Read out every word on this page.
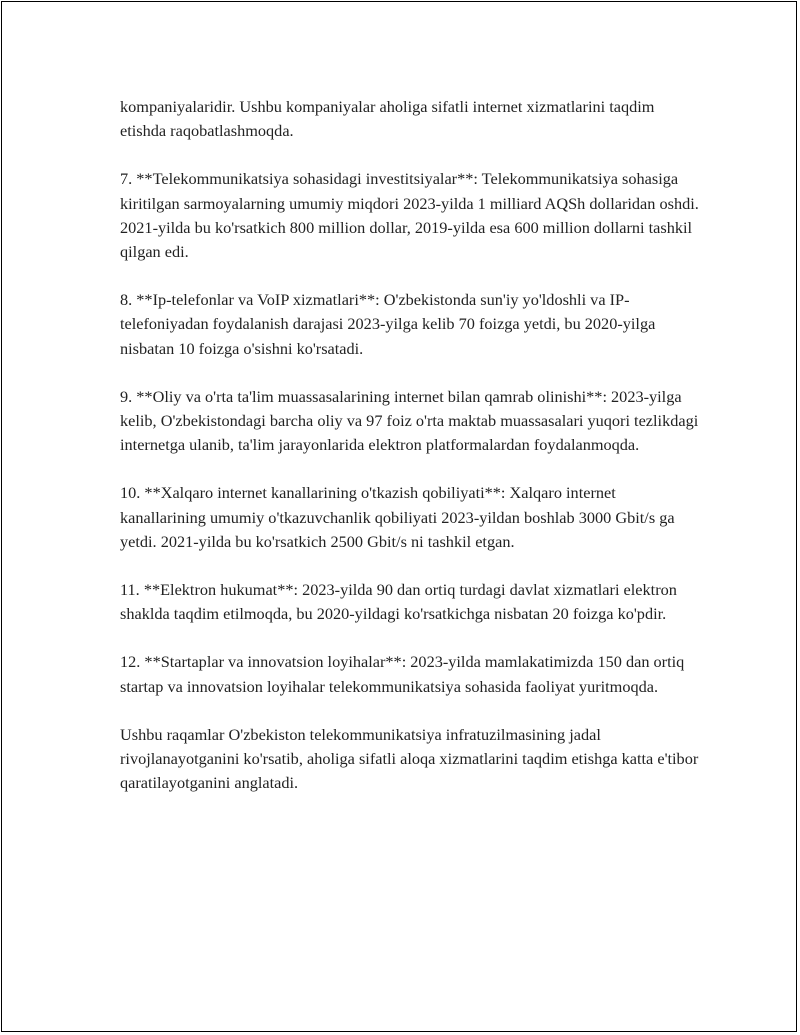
kompaniyalaridir. Ushbu kompaniyalar aholiga sifatli internet xizmatlarini taqdim etishda raqobatlashmoqda.

7. **Telekommunikatsiya sohasidagi investitsiyalar**: Telekommunikatsiya sohasiga kiritilgan sarmoyalarning umumiy miqdori 2023-yilda 1 milliard AQSh dollaridan oshdi. 2021-yilda bu ko'rsatkich 800 million dollar, 2019-yilda esa 600 million dollarni tashkil qilgan edi.

8. **Ip-telefonlar va VoIP xizmatlari**: O'zbekistonda sun'iy yo'ldoshli va IP-telefoniyadan foydalanish darajasi 2023-yilga kelib 70 foizga yetdi, bu 2020-yilga nisbatan 10 foizga o'sishni ko'rsatadi.

9. **Oliy va o'rta ta'lim muassasalarining internet bilan qamrab olinishi**: 2023-yilga kelib, O'zbekistondagi barcha oliy va 97 foiz o'rta maktab muassasalari yuqori tezlikdagi internetga ulanib, ta'lim jarayonlarida elektron platformalardan foydalanmoqda.

10. **Xalqaro internet kanallarining o'tkazish qobiliyati**: Xalqaro internet kanallarining umumiy o'tkazuvchanlik qobiliyati 2023-yildan boshlab 3000 Gbit/s ga yetdi. 2021-yilda bu ko'rsatkich 2500 Gbit/s ni tashkil etgan.

11. **Elektron hukumat**: 2023-yilda 90 dan ortiq turdagi davlat xizmatlari elektron shaklda taqdim etilmoqda, bu 2020-yildagi ko'rsatkichga nisbatan 20 foizga ko'pdir.

12. **Startaplar va innovatsion loyihalar**: 2023-yilda mamlakatimizda 150 dan ortiq startap va innovatsion loyihalar telekommunikatsiya sohasida faoliyat yuritmoqda.

Ushbu raqamlar O'zbekiston telekommunikatsiya infratuzilmasining jadal rivojlanayotganini ko'rsatib, aholiga sifatli aloqa xizmatlarini taqdim etishga katta e'tibor qaratilayotganini anglatadi.
